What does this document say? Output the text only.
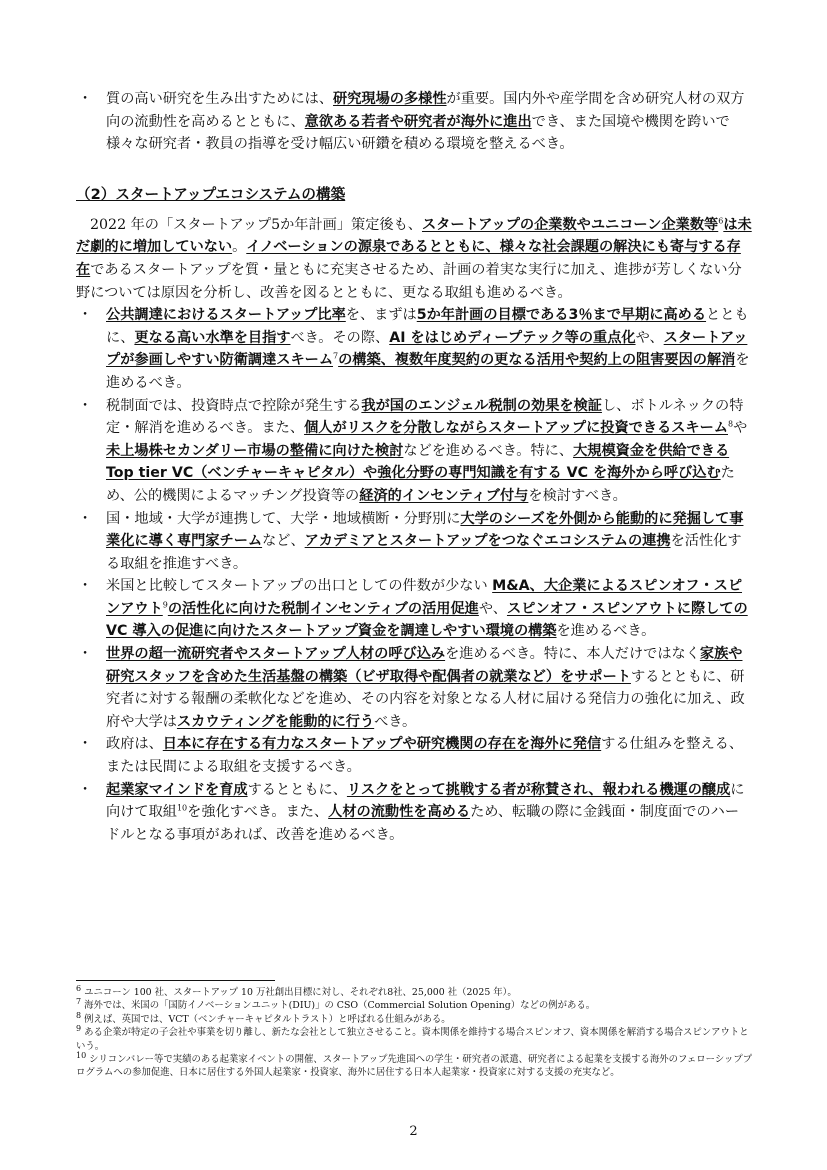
・ 質の高い研究を生み出すためには、研究現場の多様性が重要。国内外や産学間を含め研究人材の双方向の流動性を高めるとともに、意欲ある若者や研究者が海外に進出でき、また国境や機関を跨いで様々な研究者・教員の指導を受け幅広い研鑽を積める環境を整えるべき。

（2）スタートアップエコシステムの構築

2022 年の「スタートアップ5か年計画」策定後も、スタートアップの企業数やユニコーン企業数等$^6$は未だ劇的に増加していない。イノベーションの源泉であるとともに、様々な社会課題の解決にも寄与する存在であるスタートアップを質・量ともに充実させるため、計画の着実な実行に加え、進捗が芳しくない分野については原因を分析し、改善を図るとともに、更なる取組も進めるべき。

・ 公共調達におけるスタートアップ比率を、まずは5か年計画の目標である3％まで早期に高めるとともに、更なる高い水準を目指すべき。その際、AI をはじめディープテック等の重点化や、スタートアップが参画しやすい防衛調達スキーム$^7$の構築、複数年度契約の更なる活用や契約上の阻害要因の解消を進めるべき。

・ 税制面では、投資時点で控除が発生する我が国のエンジェル税制の効果を検証し、ボトルネックの特定・解消を進めるべき。また、個人がリスクを分散しながらスタートアップに投資できるスキーム$^8$や未上場株セカンダリー市場の整備に向けた検討などを進めるべき。特に、大規模資金を供給できる Top tier VC（ベンチャーキャピタル）や強化分野の専門知識を有する VC を海外から呼び込むため、公的機関によるマッチング投資等の経済的インセンティブ付与を検討すべき。

・ 国・地域・大学が連携して、大学・地域横断・分野別に大学のシーズを外側から能動的に発掘して事業化に導く専門家チームなど、アカデミアとスタートアップをつなぐエコシステムの連携を活性化する取組を推進すべき。

・ 米国と比較してスタートアップの出口としての件数が少ない M&A、大企業によるスピンオフ・スピンアウト$^9$の活性化に向けた税制インセンティブの活用促進や、スピンオフ・スピンアウトに際しての VC 導入の促進に向けたスタートアップ資金を調達しやすい環境の構築を進めるべき。

・ 世界の超一流研究者やスタートアップ人材の呼び込みを進めるべき。特に、本人だけではなく家族や研究スタッフを含めた生活基盤の構築（ビザ取得や配偶者の就業など）をサポートするとともに、研究者に対する報酬の柔軟化などを進め、その内容を対象となる人材に届ける発信力の強化に加え、政府や大学はスカウティングを能動的に行うべき。

・ 政府は、日本に存在する有力なスタートアップや研究機関の存在を海外に発信する仕組みを整える、または民間による取組を支援するべき。

・ 起業家マインドを育成するとともに、リスクをとって挑戦する者が称賛され、報われる機運の醸成に向けて取組$^{10}$を強化すべき。また、人材の流動性を高めるため、転職の際に金銭面・制度面でのハードルとなる事項があれば、改善を進めるべき。

$^6$ ユニコーン 100 社、スタートアップ 10 万社創出目標に対し、それぞれ8社、25,000 社（2025 年）。

$^7$ 海外では、米国の「国防イノベーションユニット(DIU)」の CSO（Commercial Solution Opening）などの例がある。

$^8$ 例えば、英国では、VCT（ベンチャーキャピタルトラスト）と呼ばれる仕組みがある。

$^9$ ある企業が特定の子会社や事業を切り離し、新たな会社として独立させること。資本関係を維持する場合スピンオフ、資本関係を解消する場合スピンアウトという。

$^{10}$ シリコンバレー等で実績のある起業家イベントの開催、スタートアップ先進国への学生・研究者の派遣、研究者による起業を支援する海外のフェローシッププログラムへの参加促進、日本に居住する外国人起業家・投資家、海外に居住する日本人起業家・投資家に対する支援の充実など。

2
